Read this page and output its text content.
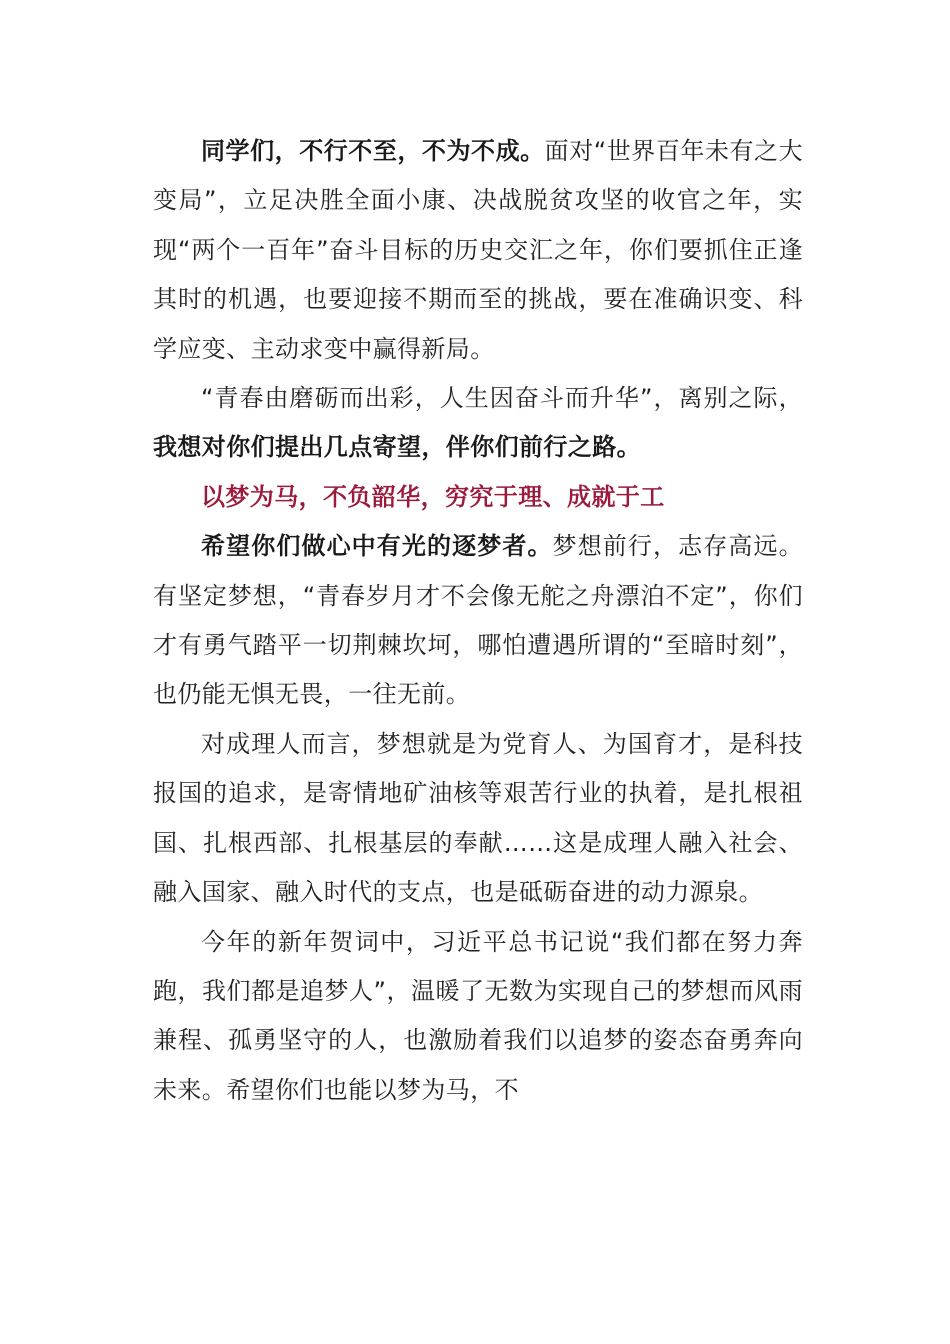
同学们，不行不至，不为不成。面对“世界百年未有之大变局”，立足决胜全面小康、决战脱贫攻坚的收官之年，实现“两个一百年”奋斗目标的历史交汇之年，你们要抓住正逢其时的机遇，也要迎接不期而至的挑战，要在准确识变、科学应变、主动求变中赢得新局。

“青春由磨砺而出彩，人生因奋斗而升华”，离别之际，我想对你们提出几点寄望，伴你们前行之路。

以梦为马，不负韶华，穷究于理、成就于工

希望你们做心中有光的逐梦者。梦想前行，志存高远。有坚定梦想，“青春岁月才不会像无舵之舟漂泊不定”，你们才有勇气踏平一切荆棘坎坷，哪怕遭遇所谓的“至暗时刻”，也仍能无惧无畏，一往无前。

对成理人而言，梦想就是为党育人、为国育才，是科技报国的追求，是寄情地矿油核等艰苦行业的执着，是扎根祖国、扎根西部、扎根基层的奉献……这是成理人融入社会、融入国家、融入时代的支点，也是砥砺奋进的动力源泉。

今年的新年贺词中，习近平总书记说“我们都在努力奔跑，我们都是追梦人”，温暖了无数为实现自己的梦想而风雨兼程、孤勇坚守的人，也激励着我们以追梦的姿态奋勇奔向未来。希望你们也能以梦为马，不
